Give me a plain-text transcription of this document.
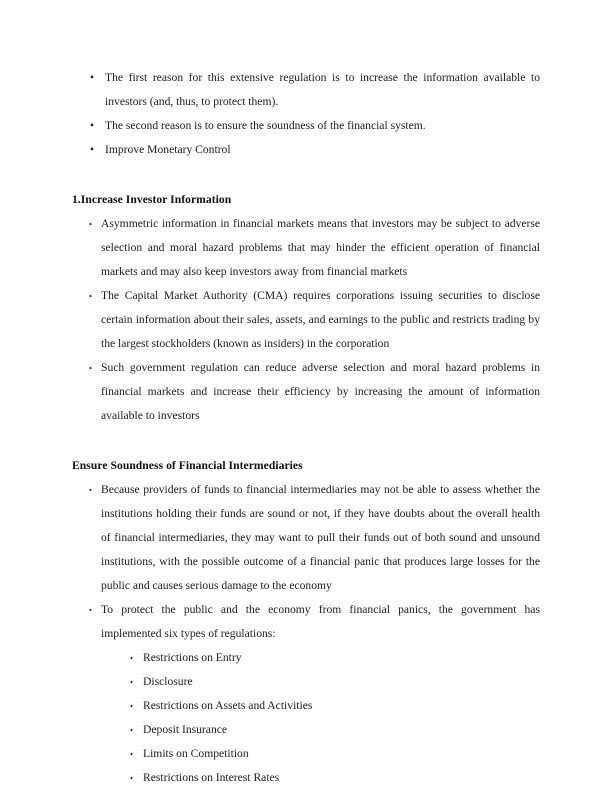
• The first reason for this extensive regulation is to increase the information available to investors (and, thus, to protect them).

• The second reason is to ensure the soundness of the financial system.

• Improve Monetary Control

1.Increase Investor Information
• Asymmetric information in financial markets means that investors may be subject to adverse selection and moral hazard problems that may hinder the efficient operation of financial markets and may also keep investors away from financial markets

• The Capital Market Authority (CMA) requires corporations issuing securities to disclose certain information about their sales, assets, and earnings to the public and restricts trading by the largest stockholders (known as insiders) in the corporation

• Such government regulation can reduce adverse selection and moral hazard problems in financial markets and increase their efficiency by increasing the amount of information available to investors

Ensure Soundness of Financial Intermediaries
• Because providers of funds to financial intermediaries may not be able to assess whether the institutions holding their funds are sound or not, if they have doubts about the overall health of financial intermediaries, they may want to pull their funds out of both sound and unsound institutions, with the possible outcome of a financial panic that produces large losses for the public and causes serious damage to the economy

• To protect the public and the economy from financial panics, the government has implemented six types of regulations:

• Restrictions on Entry

• Disclosure

• Restrictions on Assets and Activities

• Deposit Insurance

• Limits on Competition

• Restrictions on Interest Rates
